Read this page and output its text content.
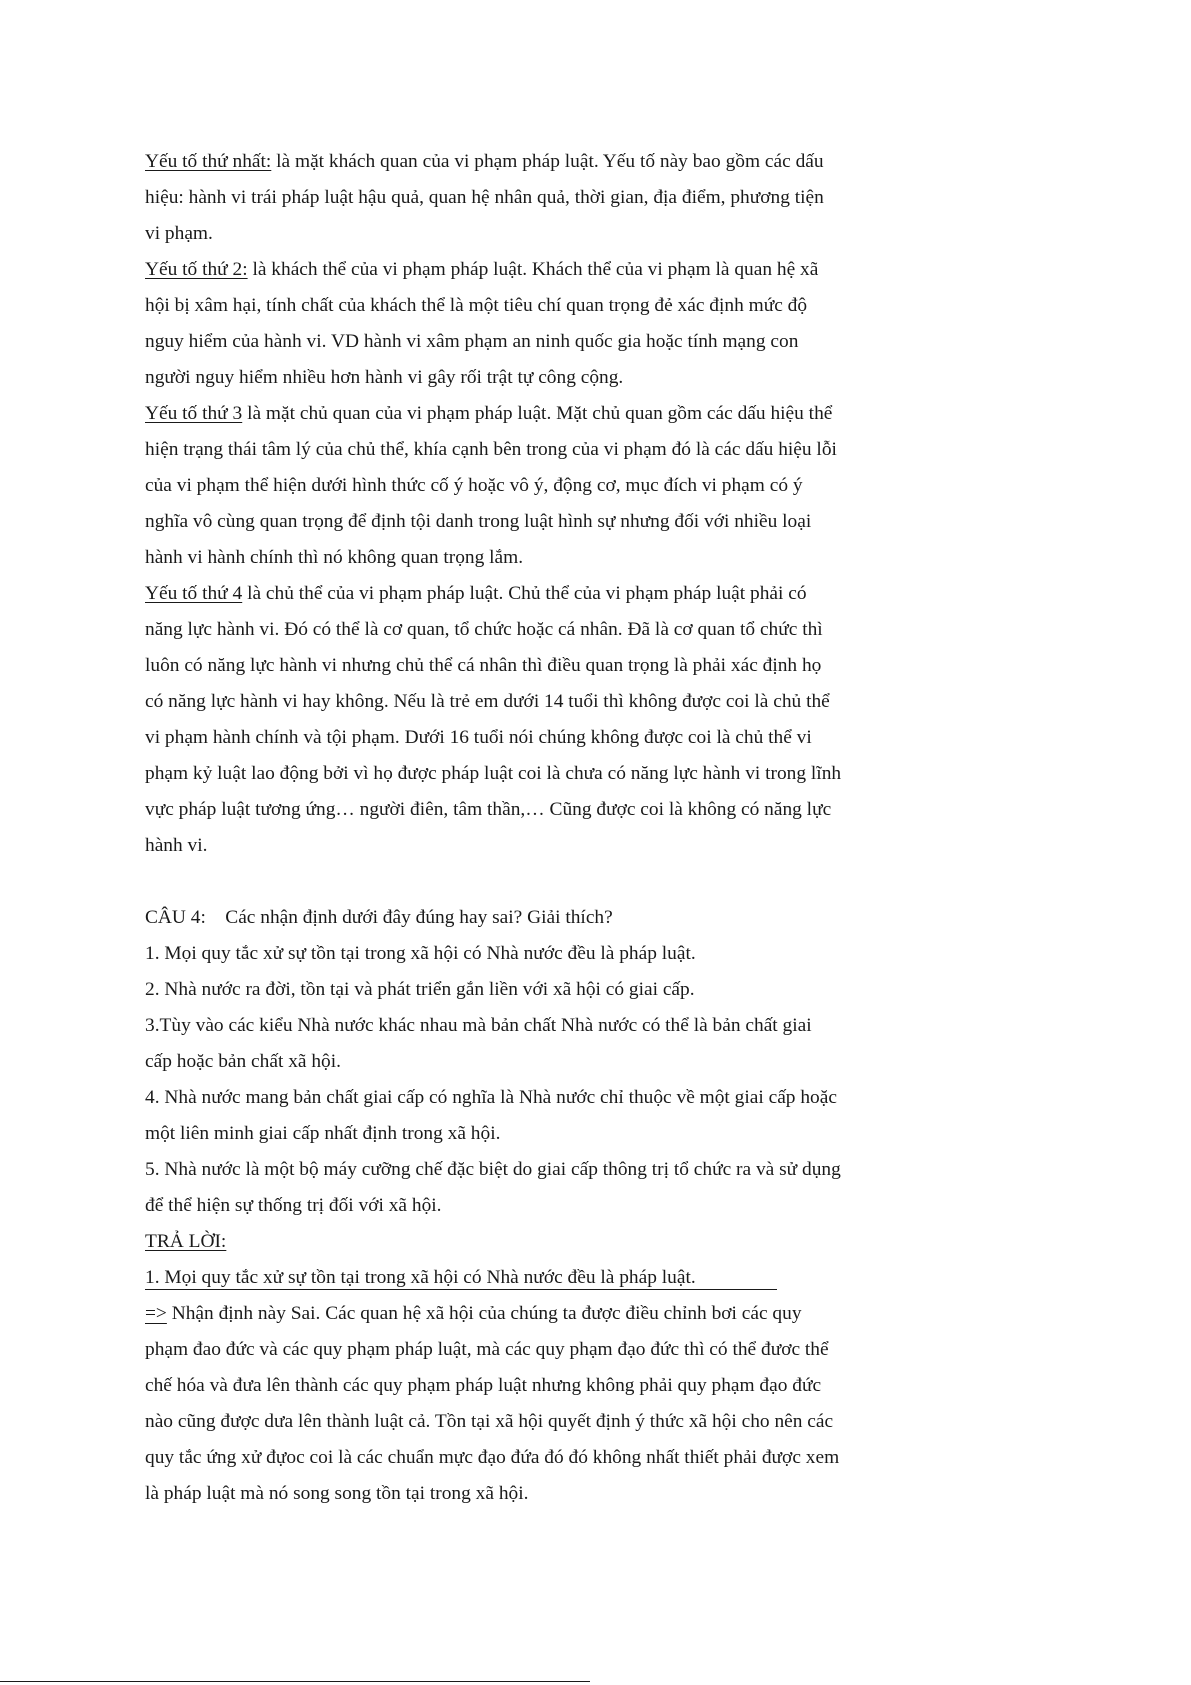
Yếu tố thứ nhất: là mặt khách quan của vi phạm pháp luật. Yếu tố này bao gồm các dấu
hiệu: hành vi trái pháp luật hậu quả, quan hệ nhân quả, thời gian, địa điểm, phương tiện
vi phạm.
Yếu tố thứ 2: là khách thể của vi phạm pháp luật. Khách thể của vi phạm là quan hệ xã
hội bị xâm hại, tính chất của khách thể là một tiêu chí quan trọng đẻ xác định mức độ
nguy hiểm của hành vi. VD hành vi xâm phạm an ninh quốc gia hoặc tính mạng con
người nguy hiểm nhiều hơn hành vi gây rối trật tự công cộng.
Yếu tố thứ 3 là mặt chủ quan của vi phạm pháp luật. Mặt chủ quan gồm các dấu hiệu thể
hiện trạng thái tâm lý của chủ thể, khía cạnh bên trong của vi phạm đó là các dấu hiệu lỗi
của vi phạm thể hiện dưới hình thức cố ý hoặc vô ý, động cơ, mục đích vi phạm có ý
nghĩa vô cùng quan trọng để định tội danh trong luật hình sự nhưng đối với nhiều loại
hành vi hành chính thì nó không quan trọng lắm.
Yếu tố thứ 4 là chủ thể của vi phạm pháp luật. Chủ thể của vi phạm pháp luật phải có
năng lực hành vi. Đó có thể là cơ quan, tổ chức hoặc cá nhân. Đã là cơ quan tổ chức thì
luôn có năng lực hành vi nhưng chủ thể cá nhân thì điều quan trọng là phải xác định họ
có năng lực hành vi hay không. Nếu là trẻ em dưới 14 tuổi thì không được coi là chủ thể
vi phạm hành chính và tội phạm. Dưới 16 tuổi nói chúng không được coi là chủ thể vi
phạm kỷ luật lao động bởi vì họ được pháp luật coi là chưa có năng lực hành vi trong lĩnh
vực pháp luật tương ứng… người điên, tâm thần,… Cũng được coi là không có năng lực
hành vi.
CÂU 4:    Các nhận định dưới đây đúng hay sai? Giải thích?
1. Mọi quy tắc xử sự tồn tại trong xã hội có Nhà nước đều là pháp luật.
2. Nhà nước ra đời, tồn tại và phát triển gắn liền với xã hội có giai cấp.
3.Tùy vào các kiểu Nhà nước khác nhau mà bản chất Nhà nước có thể là bản chất giai
cấp hoặc bản chất xã hội.
4. Nhà nước mang bản chất giai cấp có nghĩa là Nhà nước chỉ thuộc về một giai cấp hoặc
một liên minh giai cấp nhất định trong xã hội.
5. Nhà nước là một bộ máy cưỡng chế đặc biệt do giai cấp thông trị tổ chức ra và sử dụng
để thể hiện sự thống trị đối với xã hội.
TRẢ LỜI:
1. Mọi quy tắc xử sự tồn tại trong xã hội có Nhà nước đều là pháp luật.
=> Nhận định này Sai. Các quan hệ xã hội của chúng ta được điều chỉnh bơi các quy
phạm đao đức và các quy phạm pháp luật, mà các quy phạm đạo đức thì có thể đươc thể
chế hóa và đưa lên thành các quy phạm pháp luật nhưng không phải quy phạm đạo đức
nào cũng được dưa lên thành luật cả. Tồn tại xã hội quyết định ý thức xã hội cho nên các
quy tắc ứng xử đựoc coi là các chuẩn mực đạo đứa đó đó không nhất thiết phải được xem
là pháp luật mà nó song song tồn tại trong xã hội.
